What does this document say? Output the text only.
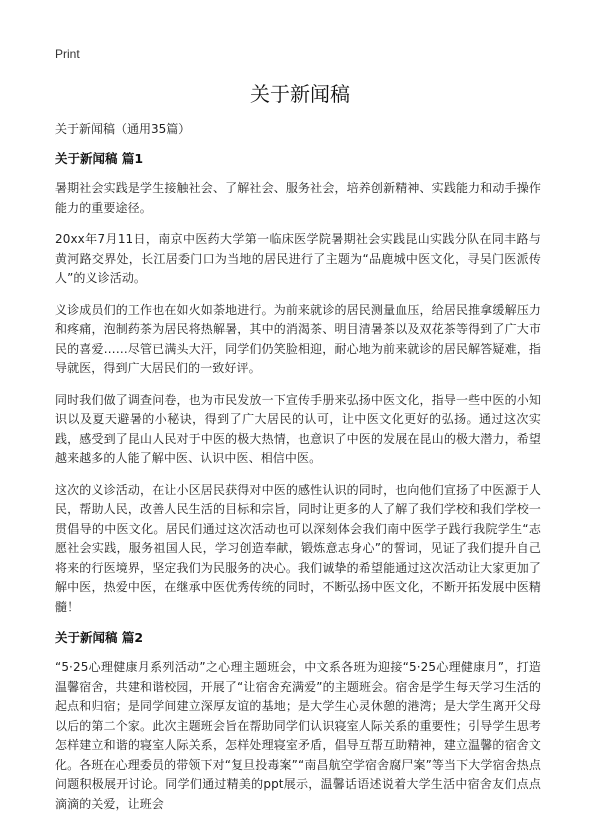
Print
关于新闻稿

关于新闻稿（通用35篇）

关于新闻稿 篇1

暑期社会实践是学生接触社会、了解社会、服务社会，培养创新精神、实践能力和动手操作能力的重要途径。

20xx年7月11日，南京中医药大学第一临床医学院暑期社会实践昆山实践分队在同丰路与黄河路交界处，长江居委门口为当地的居民进行了主题为“品鹿城中医文化，寻吴门医派传人”的义诊活动。

义诊成员们的工作也在如火如荼地进行。为前来就诊的居民测量血压，给居民推拿缓解压力和疼痛，泡制药茶为居民将热解暑，其中的消渴茶、明目清暑茶以及双花茶等得到了广大市民的喜爱……尽管已满头大汗，同学们仍笑脸相迎，耐心地为前来就诊的居民解答疑难，指导就医，得到广大居民们的一致好评。

同时我们做了调查问卷，也为市民发放一下宣传手册来弘扬中医文化，指导一些中医的小知识以及夏天避暑的小秘诀，得到了广大居民的认可，让中医文化更好的弘扬。通过这次实践，感受到了昆山人民对于中医的极大热情，也意识了中医的发展在昆山的极大潜力，希望越来越多的人能了解中医、认识中医、相信中医。

这次的义诊活动，在让小区居民获得对中医的感性认识的同时，也向他们宣扬了中医源于人民，帮助人民，改善人民生活的目标和宗旨，同时让更多的人了解了我们学校和我们学校一贯倡导的中医文化。居民们通过这次活动也可以深刻体会我们南中医学子践行我院学生“志愿社会实践，服务祖国人民，学习创造奉献，锻炼意志身心”的誓词，见证了我们提升自己将来的行医境界，坚定我们为民服务的决心。我们诚挚的希望能通过这次活动让大家更加了解中医，热爱中医，在继承中医优秀传统的同时，不断弘扬中医文化，不断开拓发展中医精髓！

关于新闻稿 篇2

“5·25心理健康月系列活动”之心理主题班会，中文系各班为迎接“5·25心理健康月”，打造温馨宿舍，共建和谐校园，开展了“让宿舍充满爱”的主题班会。宿舍是学生每天学习生活的起点和归宿；是同学间建立深厚友谊的基地；是大学生心灵休憩的港湾；是大学生离开父母以后的第二个家。此次主题班会旨在帮助同学们认识寝室人际关系的重要性；引导学生思考怎样建立和谐的寝室人际关系，怎样处理寝室矛盾，倡导互帮互助精神，建立温馨的宿舍文化。各班在心理委员的带领下对“复旦投毒案”“南昌航空学宿舍腐尸案”等当下大学宿舍热点问题积极展开讨论。同学们通过精美的ppt展示，温馨话语述说着大学生活中宿舍友们点点滴滴的关爱，让班会
